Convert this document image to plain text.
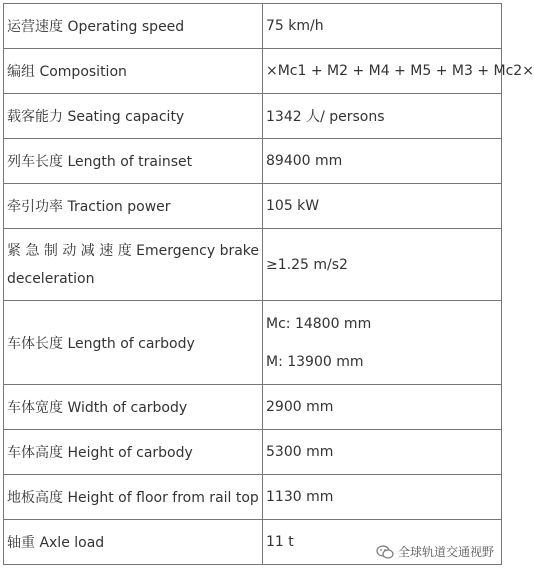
运营速度 Operating speed	75 km/h
编组 Composition	×Mc1 + M2 + M4 + M5 + M3 + Mc2×
载客能力 Seating capacity	1342 人/ persons
列车长度 Length of trainset	89400 mm
牵引功率 Traction power	105 kW

紧 急 制 动 减 速 度 Emergency brake
deceleration	≥1.25 m/s2
车体长度 Length of carbody	Mc: 14800 mm
M: 13900 mm

车体宽度 Width of carbody	2900 mm
车体高度 Height of carbody	5300 mm
地板高度 Height of floor from rail top	1130 mm
轴重 Axle load	11 t
全球轨道交通视野
